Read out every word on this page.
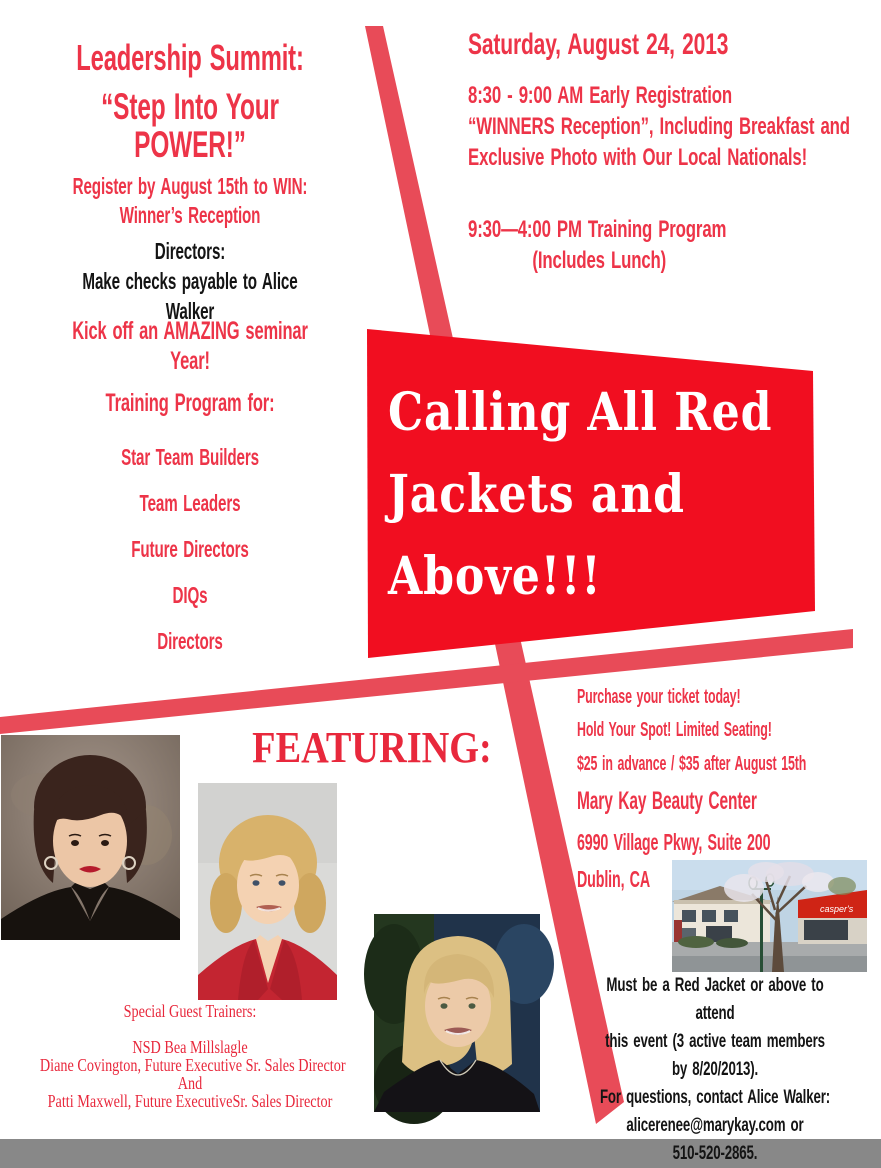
Leadership Summit:
“Step Into Your POWER!”
Register by August 15th to WIN:
Winner’s Reception
Directors:
Make checks payable to Alice Walker
Saturday, August 24, 2013
8:30 - 9:00 AM Early Registration
“WINNERS Reception”, Including Breakfast and
Exclusive Photo with Our Local Nationals!
9:30—4:00 PM Training Program
(Includes Lunch)
Kick off an AMAZING seminar Year!
Training Program for:
Star Team Builders
Team Leaders
Future Directors
DIQs
Directors
Calling All Red
Jackets and
Above!!!
FEATURING:
casper's
Purchase your ticket today!
Hold Your Spot! Limited Seating!
$25 in advance / $35 after August 15th
Mary Kay Beauty Center
6990 Village Pkwy, Suite 200
Dublin, CA
Must be a Red Jacket or above to attend
this event (3 active team members by 8/20/2013).
For questions, contact Alice Walker:
alicerenee@marykay.com or
510-520-2865.
Special Guest Trainers:
NSD Bea Millslagle
Diane Covington, Future Executive Sr. Sales Director
And
Patti Maxwell, Future ExecutiveSr. Sales Director
